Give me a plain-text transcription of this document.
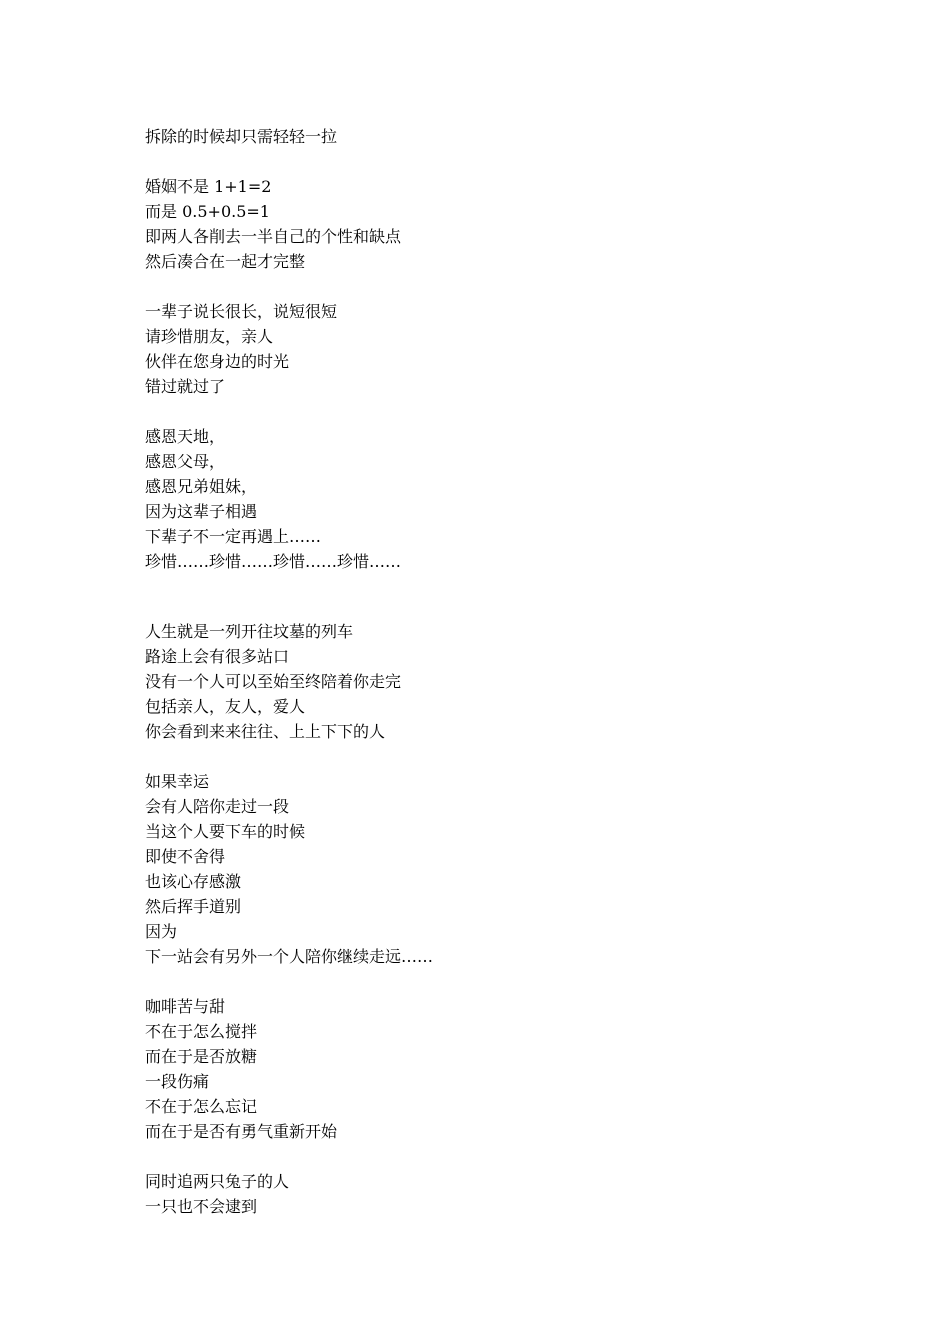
拆除的时候却只需轻轻一拉
婚姻不是 1+1=2
而是 0.5+0.5=1
即两人各削去一半自己的个性和缺点
然后凑合在一起才完整
一辈子说长很长，说短很短
请珍惜朋友，亲人
伙伴在您身边的时光
错过就过了
感恩天地，
感恩父母，
感恩兄弟姐妹，
因为这辈子相遇
下辈子不一定再遇上……
珍惜……珍惜……珍惜……珍惜……
人生就是一列开往坟墓的列车
路途上会有很多站口
没有一个人可以至始至终陪着你走完
包括亲人，友人，爱人
你会看到来来往往、上上下下的人
如果幸运
会有人陪你走过一段
当这个人要下车的时候
即使不舍得
也该心存感激
然后挥手道别
因为
下一站会有另外一个人陪你继续走远……
咖啡苦与甜
不在于怎么搅拌
而在于是否放糖
一段伤痛
不在于怎么忘记
而在于是否有勇气重新开始
同时追两只兔子的人
一只也不会逮到
